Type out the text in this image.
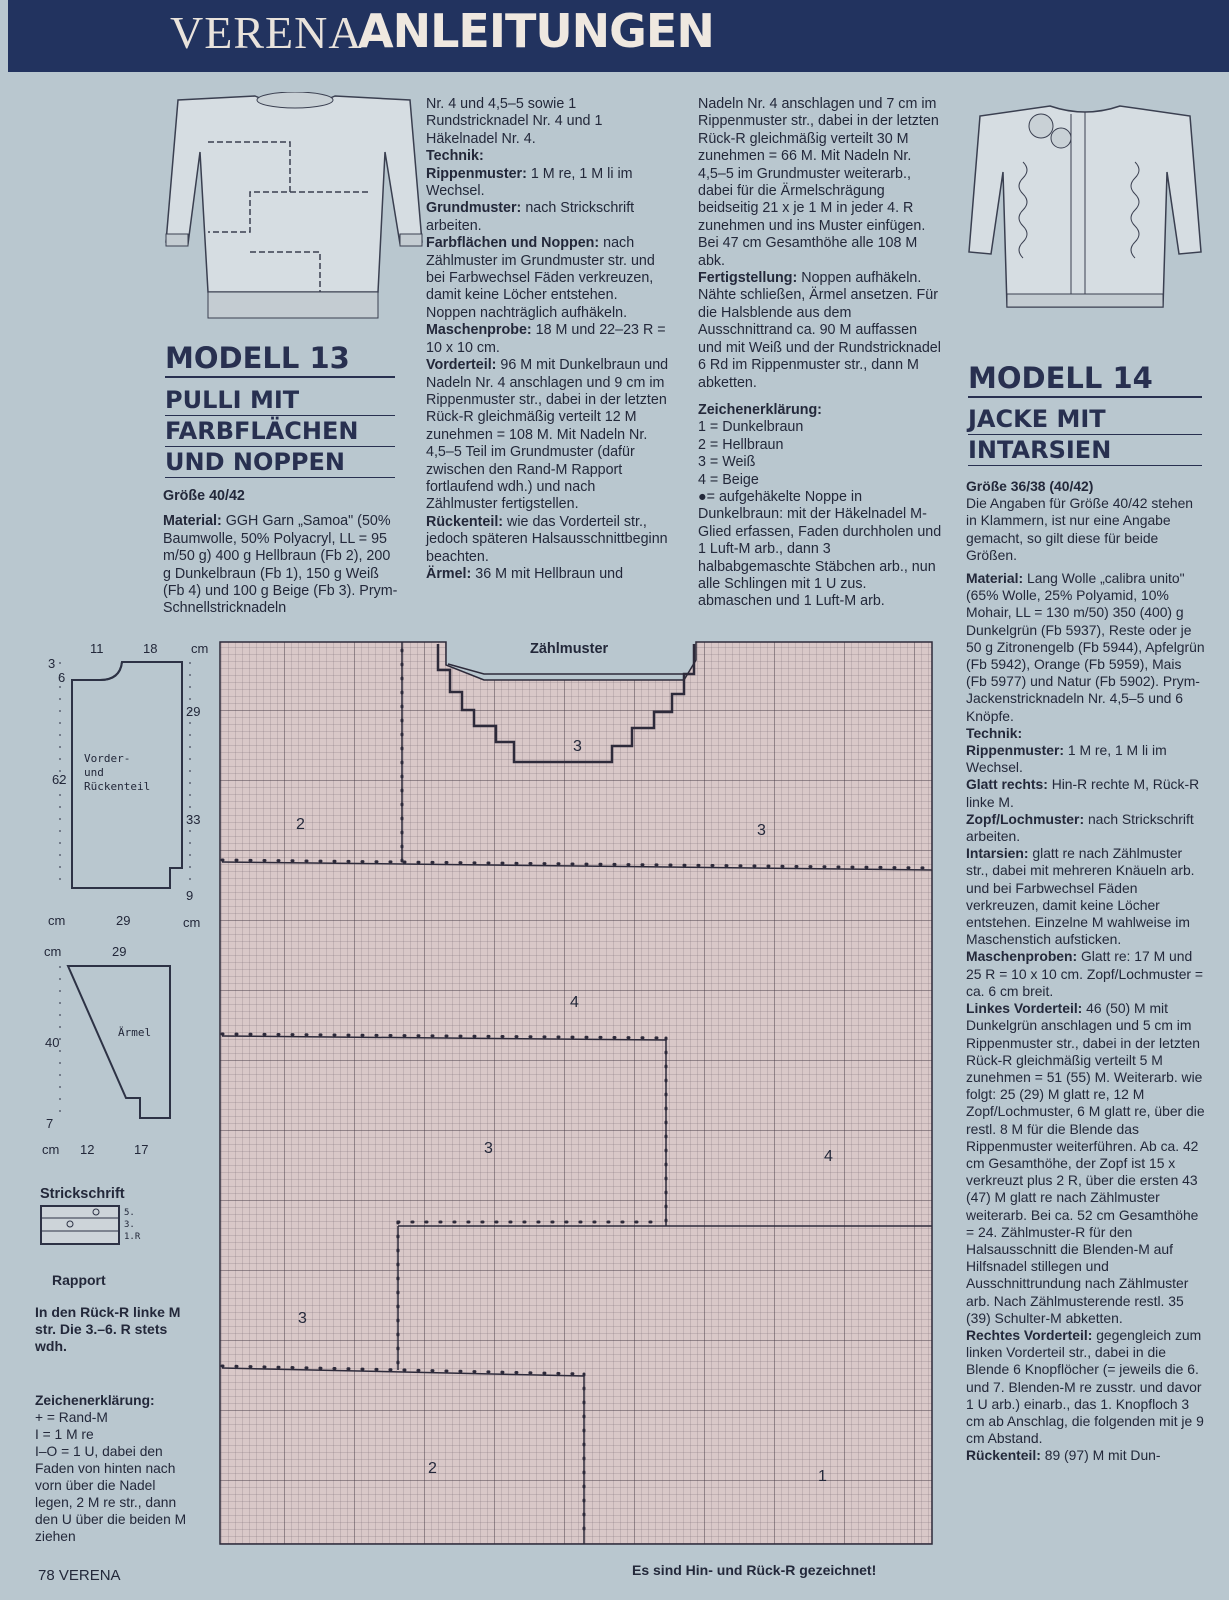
VERENA
ANLEITUNGEN
MODELL 13
PULLI MIT
FARBFLÄCHEN
UND NOPPEN

Größe 40/42

Material: GGH Garn „Samoa" (50% Baumwolle, 50% Polyacryl, LL = 95 m/50 g) 400 g Hellbraun (Fb 2), 200 g Dunkelbraun (Fb 1), 150 g Weiß (Fb 4) und 100 g Beige (Fb 3). Prym-Schnellstricknadeln

Nr. 4 und 4,5–5 sowie 1 Rundstricknadel Nr. 4 und 1 Häkelnadel Nr. 4.

Technik:

Rippenmuster: 1 M re, 1 M li im Wechsel.

Grundmuster: nach Strickschrift arbeiten.

Farbflächen und Noppen: nach Zählmuster im Grundmuster str. und bei Farbwechsel Fäden verkreuzen, damit keine Löcher entstehen. Noppen nachträglich aufhäkeln.

Maschenprobe: 18 M und 22–23 R = 10 x 10 cm.

Vorderteil: 96 M mit Dunkelbraun und Nadeln Nr. 4 anschlagen und 9 cm im Rippenmuster str., dabei in der letzten Rück-R gleichmäßig verteilt 12 M zunehmen = 108 M. Mit Nadeln Nr. 4,5–5 Teil im Grundmuster (dafür zwischen den Rand-M Rapport fortlaufend wdh.) und nach Zählmuster fertigstellen.

Rückenteil: wie das Vorderteil str., jedoch späteren Halsausschnittbeginn beachten.

Ärmel: 36 M mit Hellbraun und

Nadeln Nr. 4 anschlagen und 7 cm im Rippenmuster str., dabei in der letzten Rück-R gleichmäßig verteilt 30 M zunehmen = 66 M. Mit Nadeln Nr. 4,5–5 im Grundmuster weiterarb., dabei für die Ärmelschrägung beidseitig 21 x je 1 M in jeder 4. R zunehmen und ins Muster einfügen. Bei 47 cm Gesamthöhe alle 108 M abk.

Fertigstellung: Noppen aufhäkeln. Nähte schließen, Ärmel ansetzen. Für die Halsblende aus dem Ausschnittrand ca. 90 M auffassen und mit Weiß und der Rundstricknadel 6 Rd im Rippenmuster str., dann M abketten.

Zeichenerklärung:

1 = Dunkelbraun

2 = Hellbraun

3 = Weiß

4 = Beige

●= aufgehäkelte Noppe in Dunkelbraun: mit der Häkelnadel M-Glied erfassen, Faden durchholen und 1 Luft-M arb., dann 3 halbabgemaschte Stäbchen arb., nun alle Schlingen mit 1 U zus. abmaschen und 1 Luft-M arb.

MODELL 14
JACKE MIT
INTARSIEN

Größe 36/38 (40/42)

Die Angaben für Größe 40/42 stehen in Klammern, ist nur eine Angabe gemacht, so gilt diese für beide Größen.

Material: Lang Wolle „calibra unito" (65% Wolle, 25% Polyamid, 10% Mohair, LL = 130 m/50) 350 (400) g Dunkelgrün (Fb 5937), Reste oder je 50 g Zitronengelb (Fb 5944), Apfelgrün (Fb 5942), Orange (Fb 5959), Mais (Fb 5977) und Natur (Fb 5902). Prym-Jackenstricknadeln Nr. 4,5–5 und 6 Knöpfe.

Technik:

Rippenmuster: 1 M re, 1 M li im Wechsel.

Glatt rechts: Hin-R rechte M, Rück-R linke M.

Zopf/Lochmuster: nach Strickschrift arbeiten.

Intarsien: glatt re nach Zählmuster str., dabei mit mehreren Knäueln arb. und bei Farbwechsel Fäden verkreuzen, damit keine Löcher entstehen. Einzelne M wahlweise im Maschenstich aufsticken.

Maschenproben: Glatt re: 17 M und 25 R = 10 x 10 cm. Zopf/Lochmuster = ca. 6 cm breit.

Linkes Vorderteil: 46 (50) M mit Dunkelgrün anschlagen und 5 cm im Rippenmuster str., dabei in der letzten Rück-R gleichmäßig verteilt 5 M zunehmen = 51 (55) M. Weiterarb. wie folgt: 25 (29) M glatt re, 12 M Zopf/Lochmuster, 6 M glatt re, über die restl. 8 M für die Blende das Rippenmuster weiterführen. Ab ca. 42 cm Gesamthöhe, der Zopf ist 15 x verkreuzt plus 2 R, über die ersten 43 (47) M glatt re nach Zählmuster weiterarb. Bei ca. 52 cm Gesamthöhe = 24. Zählmuster-R für den Halsausschnitt die Blenden-M auf Hilfsnadel stillegen und Ausschnittrundung nach Zählmuster arb. Nach Zählmusterende restl. 35 (39) Schulter-M abketten.

Rechtes Vorderteil: gegengleich zum linken Vorderteil str., dabei in die Blende 6 Knopflöcher (= jeweils die 6. und 7. Blenden-M re zusstr. und davor 1 U arb.) einarb., das 1. Knopfloch 3 cm ab Anschlag, die folgenden mit je 9 cm Abstand.

Rückenteil: 89 (97) M mit Dun-

11	18	cm
3
6
62
29
33
9
cm
Vorder-
und
Rückenteil
cm	29
cm	29
40
7
cm
Ärmel
12	17
Strickschrift
5.
3.
1.R
Rapport
In den Rück-R linke M str. Die 3.–6. R stets wdh.
Zeichenerklärung:
+ = Rand-M
I = 1 M re
I–O = 1 U, dabei den Faden von hinten nach vorn über die Nadel legen, 2 M re str., dann den U über die beiden M ziehen
Zählmuster
2
3
3
4
3	4
3
2	1
Es sind Hin- und Rück-R gezeichnet!
78 VERENA
